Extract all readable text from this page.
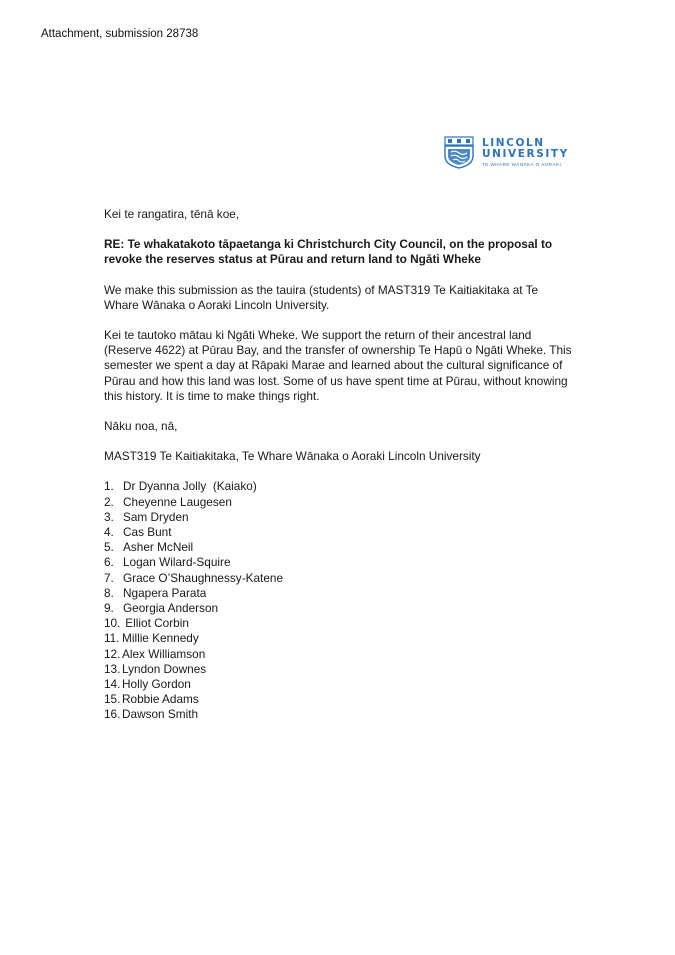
Attachment, submission 28738
LINCOLN
UNIVERSITY
TE WHARE WĀNAKA O AORAKI

Kei te rangatira, tēnā koe,

RE: Te whakatakoto tāpaetanga ki Christchurch City Council, on the proposal to revoke the reserves status at Pūrau and return land to Ngāti Wheke

We make this submission as the tauira (students) of MAST319 Te Kaitiakitaka at Te Whare Wānaka o Aoraki Lincoln University.

Kei te tautoko mātau ki Ngāti Wheke. We support the return of their ancestral land (Reserve 4622) at Pūrau Bay, and the transfer of ownership Te Hapū o Ngāti Wheke. This semester we spent a day at Rāpaki Marae and learned about the cultural significance of Pūrau and how this land was lost. Some of us have spent time at Pūrau, without knowing this history. It is time to make things right.

Nāku noa, nā,

MAST319 Te Kaitiakitaka, Te Whare Wānaka o Aoraki Lincoln University

1. Dr Dyanna Jolly  (Kaiako)
2. Cheyenne Laugesen
3. Sam Dryden
4. Cas Bunt
5. Asher McNeil
6. Logan Wilard-Squire
7. Grace O’Shaughnessy-Katene
8. Ngapera Parata
9. Georgia Anderson
10. Elliot Corbin
11. Millie Kennedy
12. Alex Williamson
13. Lyndon Downes
14. Holly Gordon
15. Robbie Adams
16. Dawson Smith
